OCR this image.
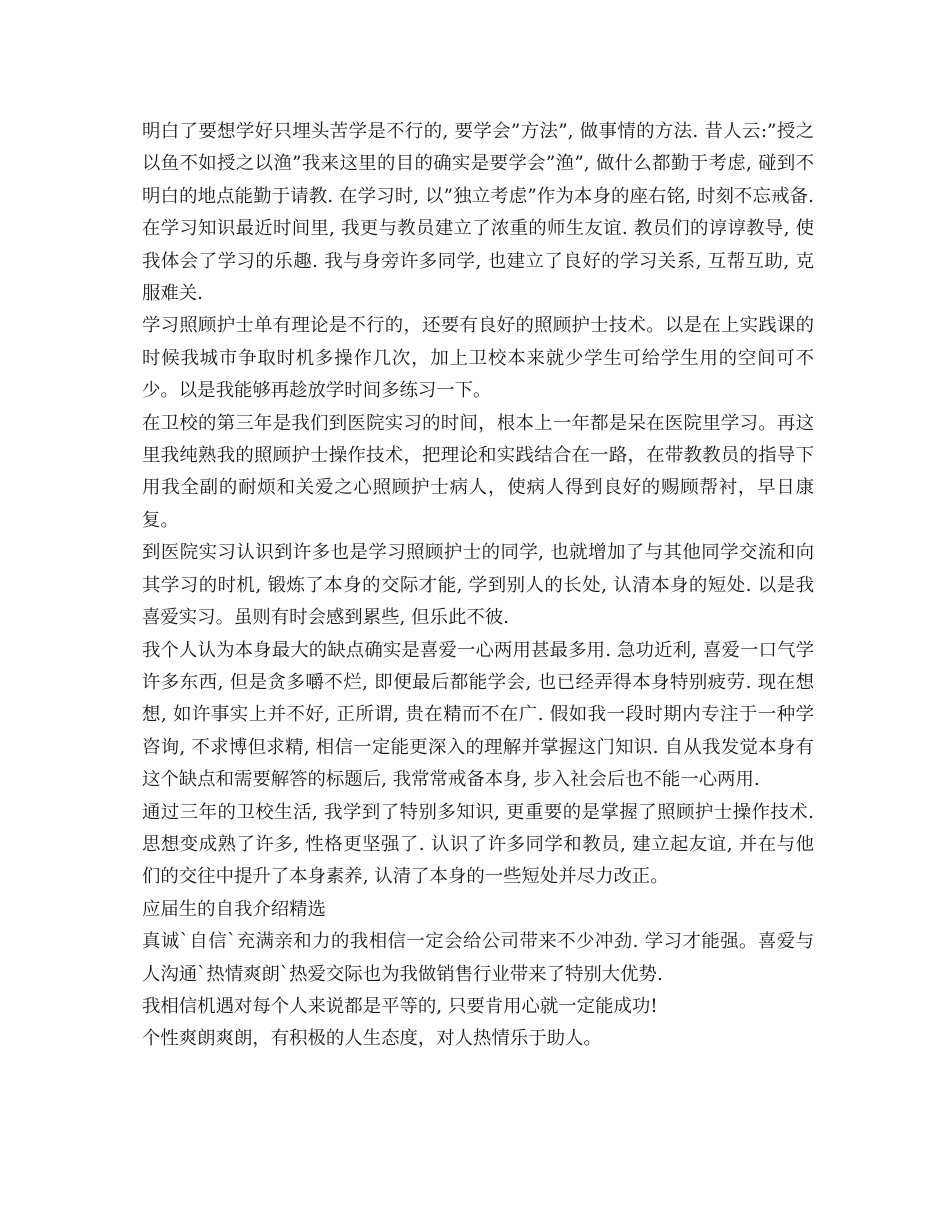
明白了要想学好只埋头苦学是不行的, 要学会”方法”, 做事情的方法. 昔人云:”授之以鱼不如授之以渔”我来这里的目的确实是要学会”渔”, 做什么都勤于考虑, 碰到不明白的地点能勤于请教. 在学习时, 以”独立考虑”作为本身的座右铭, 时刻不忘戒备. 在学习知识最近时间里, 我更与教员建立了浓重的师生友谊. 教员们的谆谆教导, 使我体会了学习的乐趣. 我与身旁许多同学, 也建立了良好的学习关系, 互帮互助, 克服难关.

学习照顾护士单有理论是不行的，还要有良好的照顾护士技术。以是在上实践课的时候我城市争取时机多操作几次，加上卫校本来就少学生可给学生用的空间可不少。以是我能够再趁放学时间多练习一下。

在卫校的第三年是我们到医院实习的时间，根本上一年都是呆在医院里学习。再这里我纯熟我的照顾护士操作技术，把理论和实践结合在一路，在带教教员的指导下用我全副的耐烦和关爱之心照顾护士病人，使病人得到良好的赐顾帮衬，早日康复。

到医院实习认识到许多也是学习照顾护士的同学, 也就增加了与其他同学交流和向其学习的时机, 锻炼了本身的交际才能, 学到别人的长处, 认清本身的短处. 以是我喜爱实习。虽则有时会感到累些, 但乐此不彼.

我个人认为本身最大的缺点确实是喜爱一心两用甚最多用. 急功近利, 喜爱一口气学许多东西, 但是贪多嚼不烂, 即便最后都能学会, 也已经弄得本身特别疲劳. 现在想想, 如许事实上并不好, 正所谓, 贵在精而不在广. 假如我一段时期内专注于一种学咨询, 不求博但求精, 相信一定能更深入的理解并掌握这门知识. 自从我发觉本身有这个缺点和需要解答的标题后, 我常常戒备本身, 步入社会后也不能一心两用.

通过三年的卫校生活, 我学到了特别多知识, 更重要的是掌握了照顾护士操作技术. 思想变成熟了许多, 性格更坚强了. 认识了许多同学和教员, 建立起友谊, 并在与他们的交往中提升了本身素养, 认清了本身的一些短处并尽力改正。

应届生的自我介绍精选

真诚`自信`充满亲和力的我相信一定会给公司带来不少冲劲. 学习才能强。喜爱与人沟通`热情爽朗`热爱交际也为我做销售行业带来了特别大优势.

我相信机遇对每个人来说都是平等的, 只要肯用心就一定能成功!

个性爽朗爽朗，有积极的人生态度，对人热情乐于助人。
